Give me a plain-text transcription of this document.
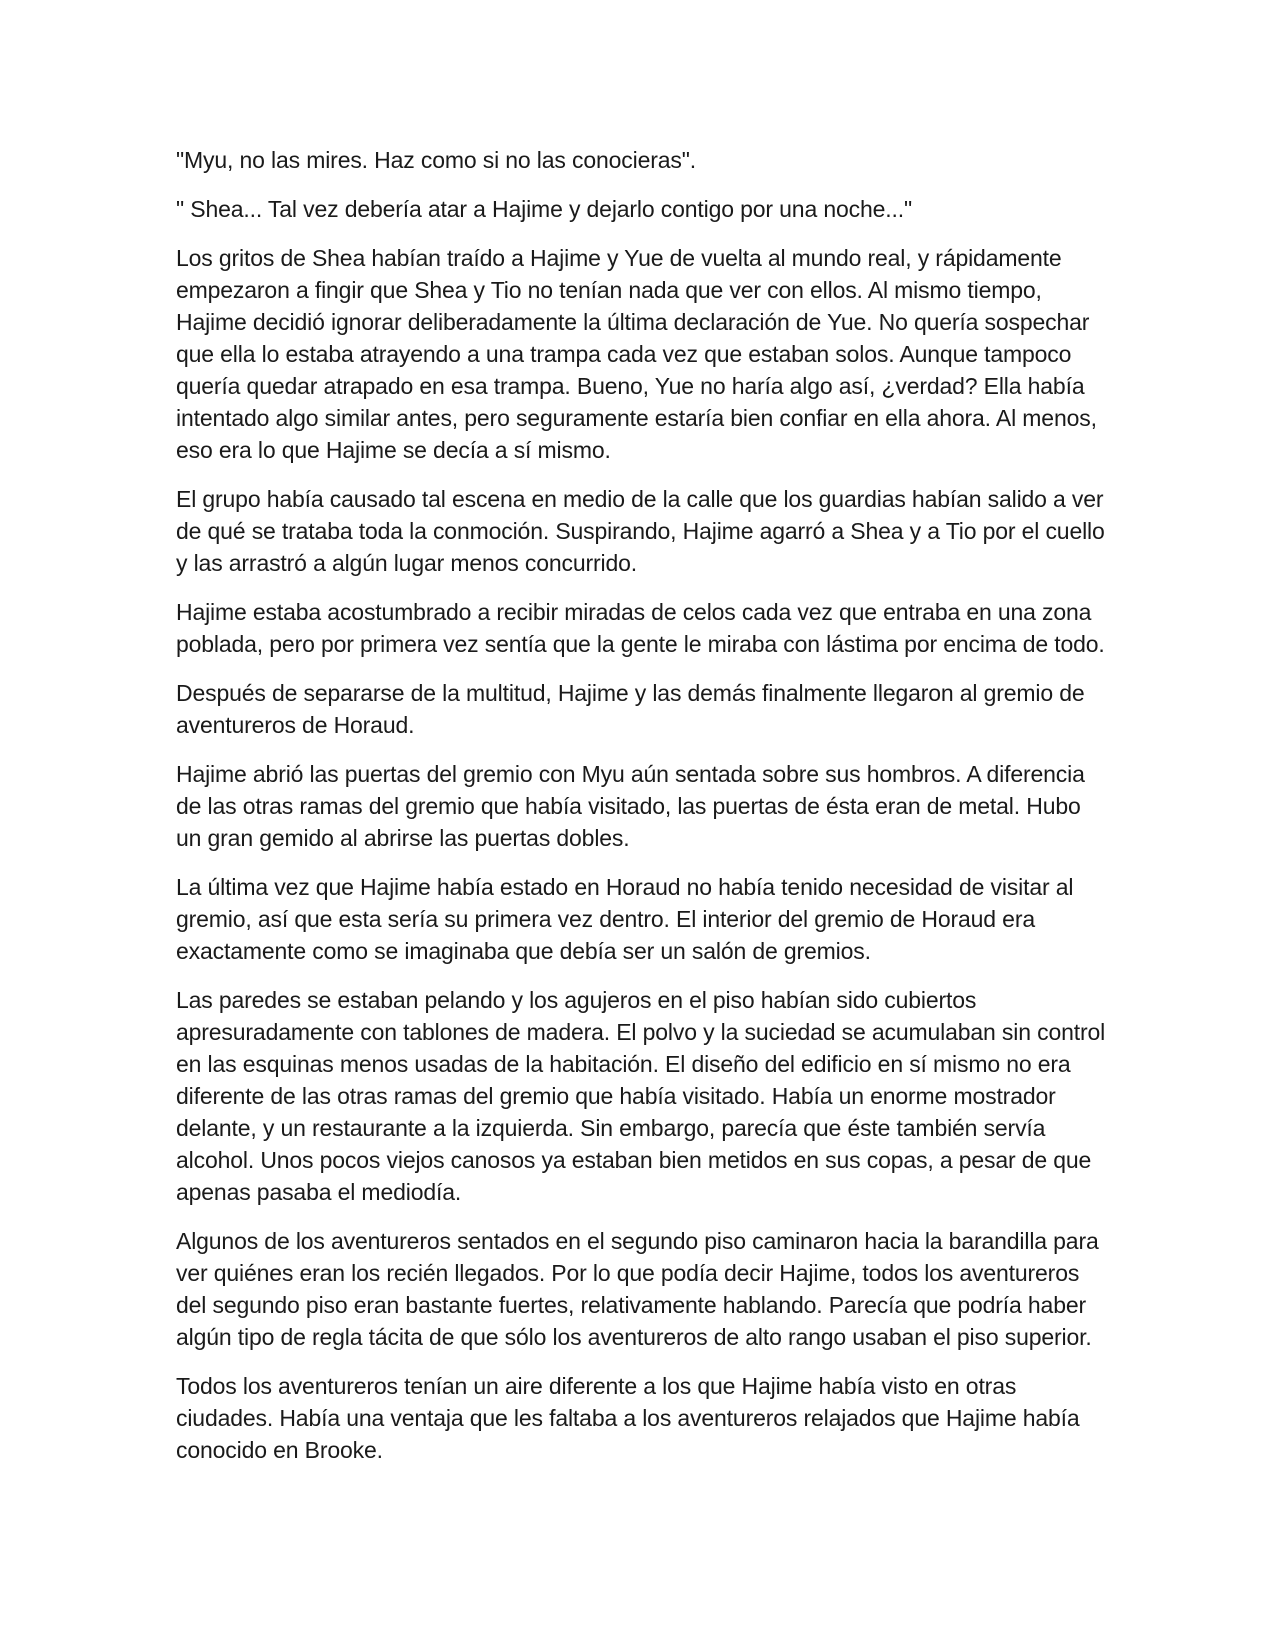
"Myu, no las mires. Haz como si no las conocieras".

" Shea... Tal vez debería atar a Hajime y dejarlo contigo por una noche..."

Los gritos de Shea habían traído a Hajime y Yue de vuelta al mundo real, y rápidamente empezaron a fingir que Shea y Tio no tenían nada que ver con ellos. Al mismo tiempo, Hajime decidió ignorar deliberadamente la última declaración de Yue. No quería sospechar que ella lo estaba atrayendo a una trampa cada vez que estaban solos. Aunque tampoco quería quedar atrapado en esa trampa. Bueno, Yue no haría algo así, ¿verdad? Ella había intentado algo similar antes, pero seguramente estaría bien confiar en ella ahora. Al menos, eso era lo que Hajime se decía a sí mismo.

El grupo había causado tal escena en medio de la calle que los guardias habían salido a ver de qué se trataba toda la conmoción. Suspirando, Hajime agarró a Shea y a Tio por el cuello y las arrastró a algún lugar menos concurrido.

Hajime estaba acostumbrado a recibir miradas de celos cada vez que entraba en una zona poblada, pero por primera vez sentía que la gente le miraba con lástima por encima de todo.

Después de separarse de la multitud, Hajime y las demás finalmente llegaron al gremio de aventureros de Horaud.

Hajime abrió las puertas del gremio con Myu aún sentada sobre sus hombros. A diferencia de las otras ramas del gremio que había visitado, las puertas de ésta eran de metal. Hubo un gran gemido al abrirse las puertas dobles.

La última vez que Hajime había estado en Horaud no había tenido necesidad de visitar al gremio, así que esta sería su primera vez dentro. El interior del gremio de Horaud era exactamente como se imaginaba que debía ser un salón de gremios.

Las paredes se estaban pelando y los agujeros en el piso habían sido cubiertos apresuradamente con tablones de madera. El polvo y la suciedad se acumulaban sin control en las esquinas menos usadas de la habitación. El diseño del edificio en sí mismo no era diferente de las otras ramas del gremio que había visitado. Había un enorme mostrador delante, y un restaurante a la izquierda. Sin embargo, parecía que éste también servía alcohol. Unos pocos viejos canosos ya estaban bien metidos en sus copas, a pesar de que apenas pasaba el mediodía.

Algunos de los aventureros sentados en el segundo piso caminaron hacia la barandilla para ver quiénes eran los recién llegados. Por lo que podía decir Hajime, todos los aventureros del segundo piso eran bastante fuertes, relativamente hablando. Parecía que podría haber algún tipo de regla tácita de que sólo los aventureros de alto rango usaban el piso superior.

Todos los aventureros tenían un aire diferente a los que Hajime había visto en otras ciudades. Había una ventaja que les faltaba a los aventureros relajados que Hajime había conocido en Brooke.
